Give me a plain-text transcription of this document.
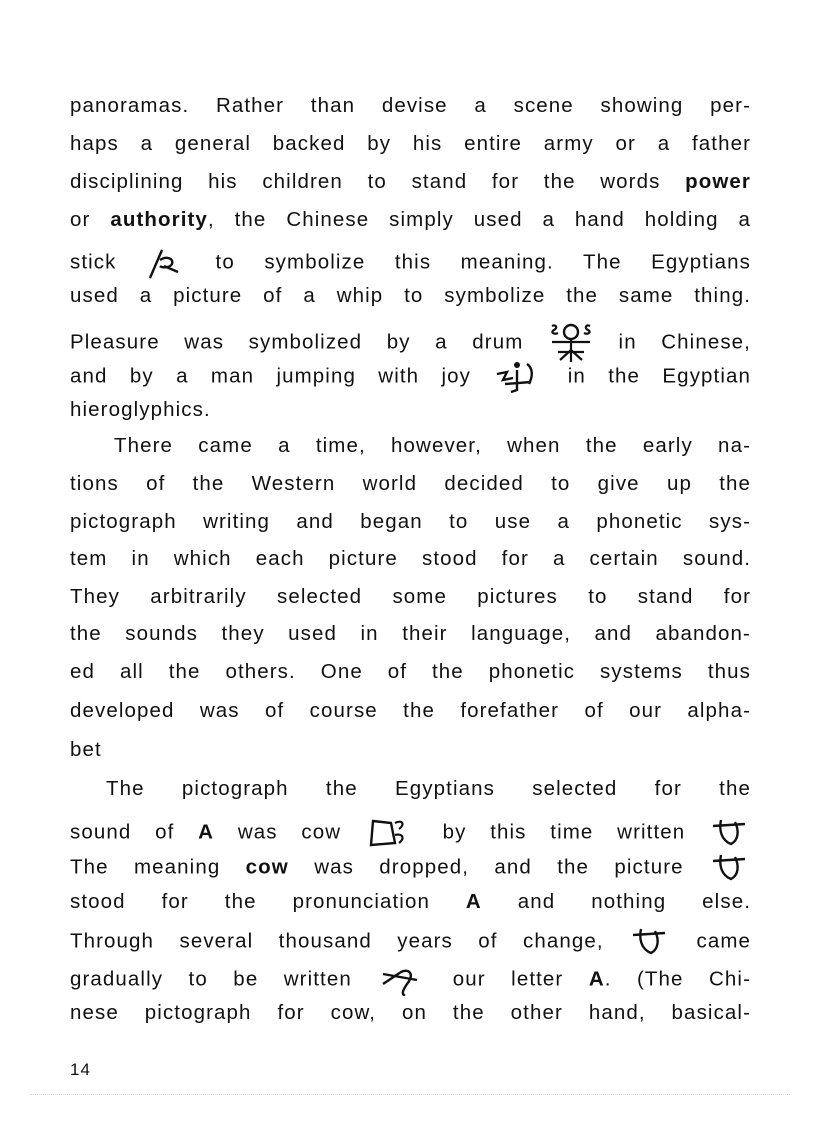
panoramas. Rather than devise a scene showing per-
haps a general backed by his entire army or a father
disciplining his children to stand for the words power
or authority, the Chinese simply used a hand holding a
stick
to symbolize this meaning. The Egyptians
used a picture of a whip to symbolize the same thing.
Pleasure was symbolized by a drum
in Chinese,
and by a man jumping with joy	in the Egyptian
hieroglyphics.
There came a time, however, when the early na-
tions of the Western world decided to give up the
pictograph writing and began to use a phonetic sys-
tem in which each picture stood for a certain sound.
They arbitrarily selected some pictures to stand for
the sounds they used in their language, and abandon-
ed all the others. One of the phonetic systems thus
developed was of course the forefather of our alpha-
bet
The pictograph the Egyptians selected for the
sound of A was cow	by this time written
The meaning cow was dropped, and the picture
stood for the pronunciation A and nothing else.
Through several thousand years of change,
came
gradually to be written
our letter A. (The Chi-
nese pictograph for cow, on the other hand, basical-
14
